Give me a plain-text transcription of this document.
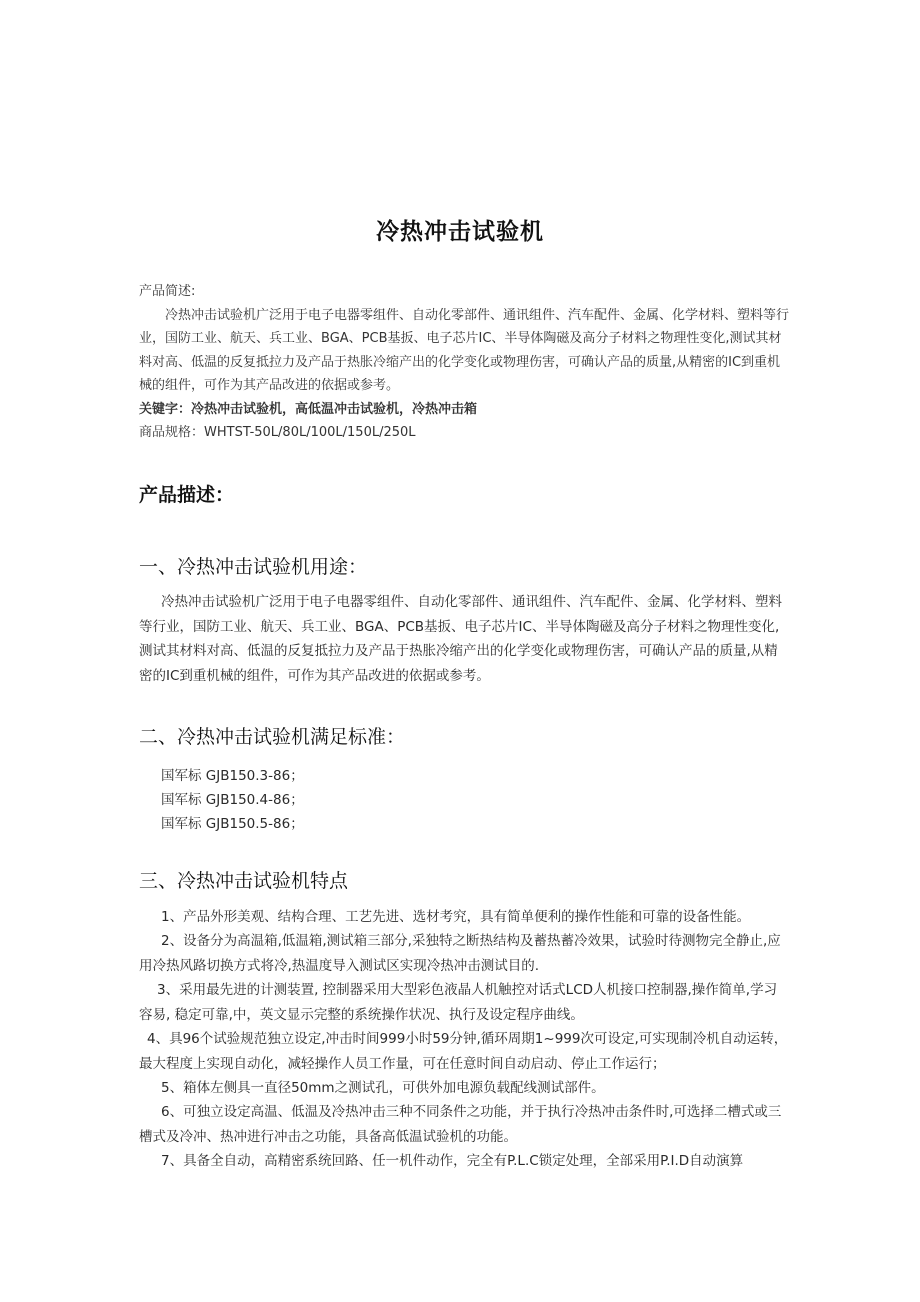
冷热冲击试验机

产品简述:

冷热冲击试验机广泛用于电子电器零组件、自动化零部件、通讯组件、汽车配件、金属、化学材料、塑料等行业，国防工业、航天、兵工业、BGA、PCB基扳、电子芯片IC、半导体陶磁及高分子材料之物理性变化,测试其材料对高、低温的反复抵拉力及产品于热胀冷缩产出的化学变化或物理伤害，可确认产品的质量,从精密的IC到重机械的组件，可作为其产品改进的依据或参考。

关键字：冷热冲击试验机，高低温冲击试验机，冷热冲击箱

商品规格：WHTST-50L/80L/100L/150L/250L

产品描述：
一、冷热冲击试验机用途：
冷热冲击试验机广泛用于电子电器零组件、自动化零部件、通讯组件、汽车配件、金属、化学材料、塑料等行业，国防工业、航天、兵工业、BGA、PCB基扳、电子芯片IC、半导体陶磁及高分子材料之物理性变化,测试其材料对高、低温的反复抵拉力及产品于热胀冷缩产出的化学变化或物理伤害，可确认产品的质量,从精密的IC到重机械的组件，可作为其产品改进的依据或参考。
二、冷热冲击试验机满足标准：
国军标 GJB150.3-86；
国军标 GJB150.4-86；
国军标 GJB150.5-86；
三、冷热冲击试验机特点
1、产品外形美观、结构合理、工艺先进、选材考究，具有简单便利的操作性能和可靠的设备性能。
2、设备分为高温箱,低温箱,测试箱三部分,采独特之断热结构及蓄热蓄冷效果，试验时待测物完全静止,应用冷热风路切换方式将冷,热温度导入测试区实现冷热冲击测试目的.
3、采用最先进的计测装置, 控制器采用大型彩色液晶人机触控对话式LCD人机接口控制器,操作简单,学习容易, 稳定可靠,中，英文显示完整的系统操作状况、执行及设定程序曲线。
4、具96个试验规范独立设定,冲击时间999小时59分钟,循环周期1~999次可设定,可实现制冷机自动运转，最大程度上实现自动化，减轻操作人员工作量，可在任意时间自动启动、停止工作运行；
5、箱体左侧具一直径50mm之测试孔，可供外加电源负载配线测试部件。
6、可独立设定高温、低温及冷热冲击三种不同条件之功能，并于执行冷热冲击条件时,可选择二槽式或三槽式及冷冲、热冲进行冲击之功能，具备高低温试验机的功能。
7、具备全自动，高精密系统回路、任一机件动作，完全有P.L.C锁定处理，全部采用P.I.D自动演算
